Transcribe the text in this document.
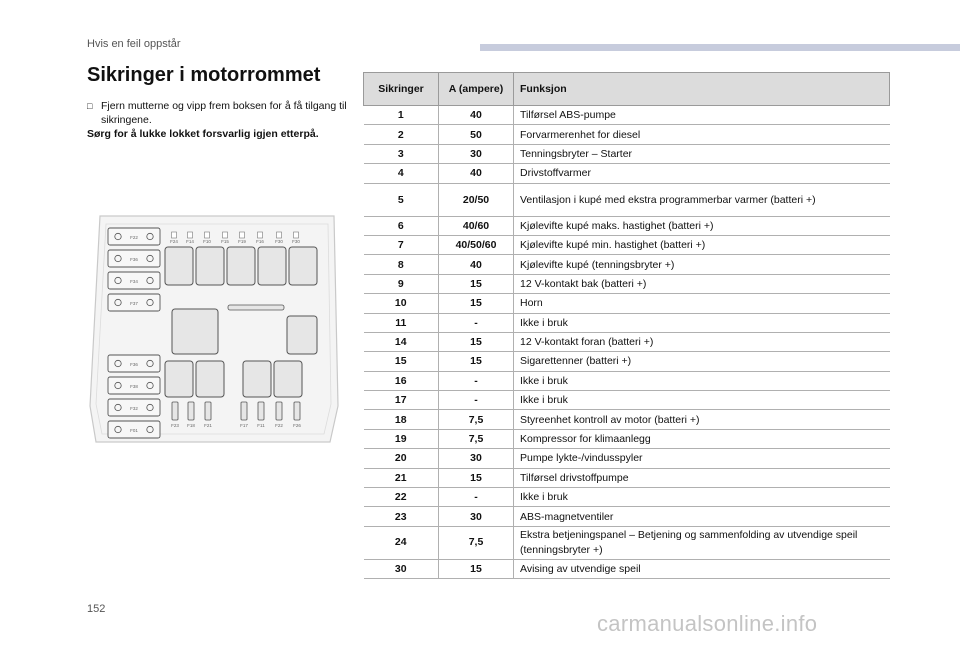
Hvis en feil oppstår
Sikringer i motorrommet
□ Fjern mutterne og vipp frem boksen for å få tilgang til sikringene.
Sørg for å lukke lokket forsvarlig igjen etterpå.
F22
F36
F34
F37
F36
F38
F32
F01
F24 F14 F10 F15 F19 F16 F30 F30
F23 F18 F21	F17 F11 F22 F26
Sikringer	A (ampere)	Funksjon
1	40	Tilførsel ABS-pumpe
2	50	Forvarmerenhet for diesel
3	30	Tenningsbryter – Starter
4	40	Drivstoffvarmer
5	20/50	Ventilasjon i kupé med ekstra programmerbar varmer (batteri +)
6	40/60	Kjølevifte kupé maks. hastighet (batteri +)
7	40/50/60	Kjølevifte kupé min. hastighet (batteri +)
8	40	Kjølevifte kupé (tenningsbryter +)
9	15	12 V-kontakt bak (batteri +)
10	15	Horn
11	-	Ikke i bruk
14	15	12 V-kontakt foran (batteri +)
15	15	Sigarettenner (batteri +)
16	-	Ikke i bruk
17	-	Ikke i bruk
18	7,5	Styreenhet kontroll av motor (batteri +)
19	7,5	Kompressor for klimaanlegg
20	30	Pumpe lykte-/vindusspyler
21	15	Tilførsel drivstoffpumpe
22	-	Ikke i bruk
23	30	ABS-magnetventiler
24	7,5	Ekstra betjeningspanel – Betjening og sammenfolding av utvendige speil (tenningsbryter +)
30	15	Avising av utvendige speil
152
carmanualsonline.info
